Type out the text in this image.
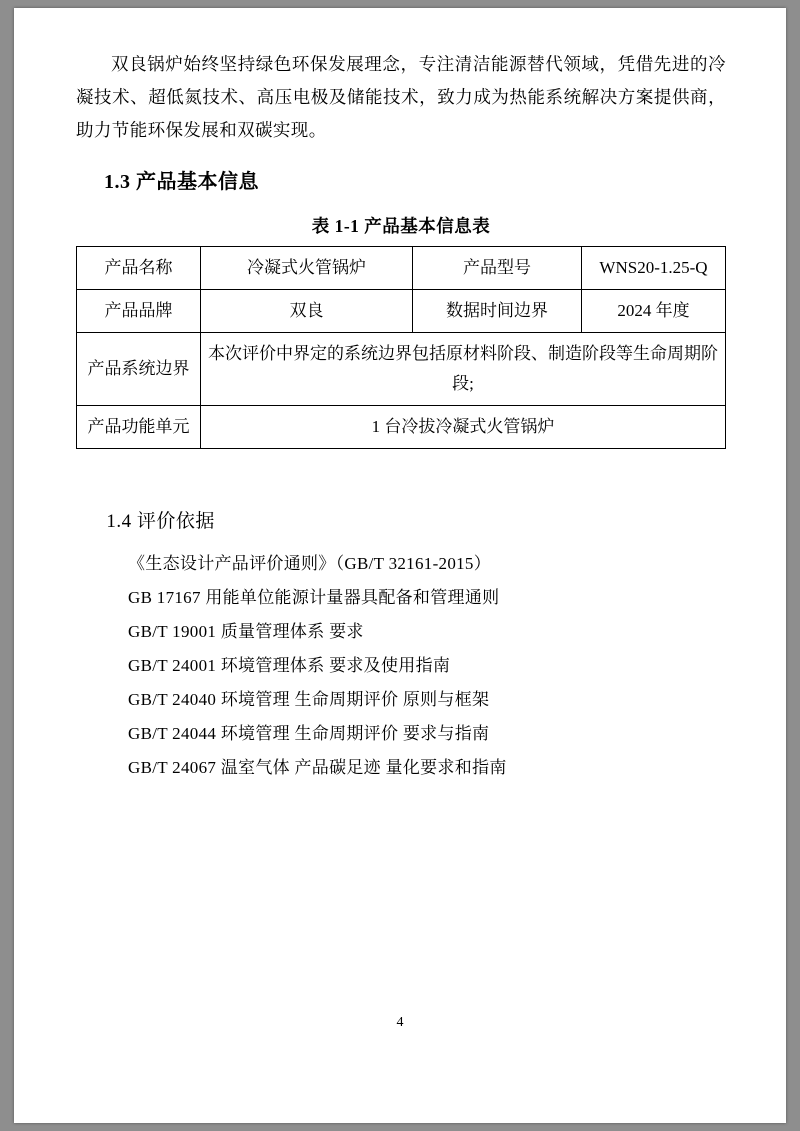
双良锅炉始终坚持绿色环保发展理念，专注清洁能源替代领域，凭借先进的冷凝技术、超低氮技术、高压电极及储能技术，致力成为热能系统解决方案提供商，助力节能环保发展和双碳实现。

1.3 产品基本信息
表 1-1 产品基本信息表
产品名称	冷凝式火管锅炉	产品型号	WNS20-1.25-Q
产品品牌	双良	数据时间边界	2024 年度
产品系统边界	本次评价中界定的系统边界包括原材料阶段、制造阶段等生命周期阶段;		
产品功能单元	1 台冷拔冷凝式火管锅炉		
1.4 评价依据
《生态设计产品评价通则》（GB/T 32161-2015）
GB 17167 用能单位能源计量器具配备和管理通则
GB/T 19001 质量管理体系 要求
GB/T 24001 环境管理体系 要求及使用指南
GB/T 24040 环境管理 生命周期评价 原则与框架
GB/T 24044 环境管理 生命周期评价 要求与指南
GB/T 24067 温室气体 产品碳足迹 量化要求和指南
4
